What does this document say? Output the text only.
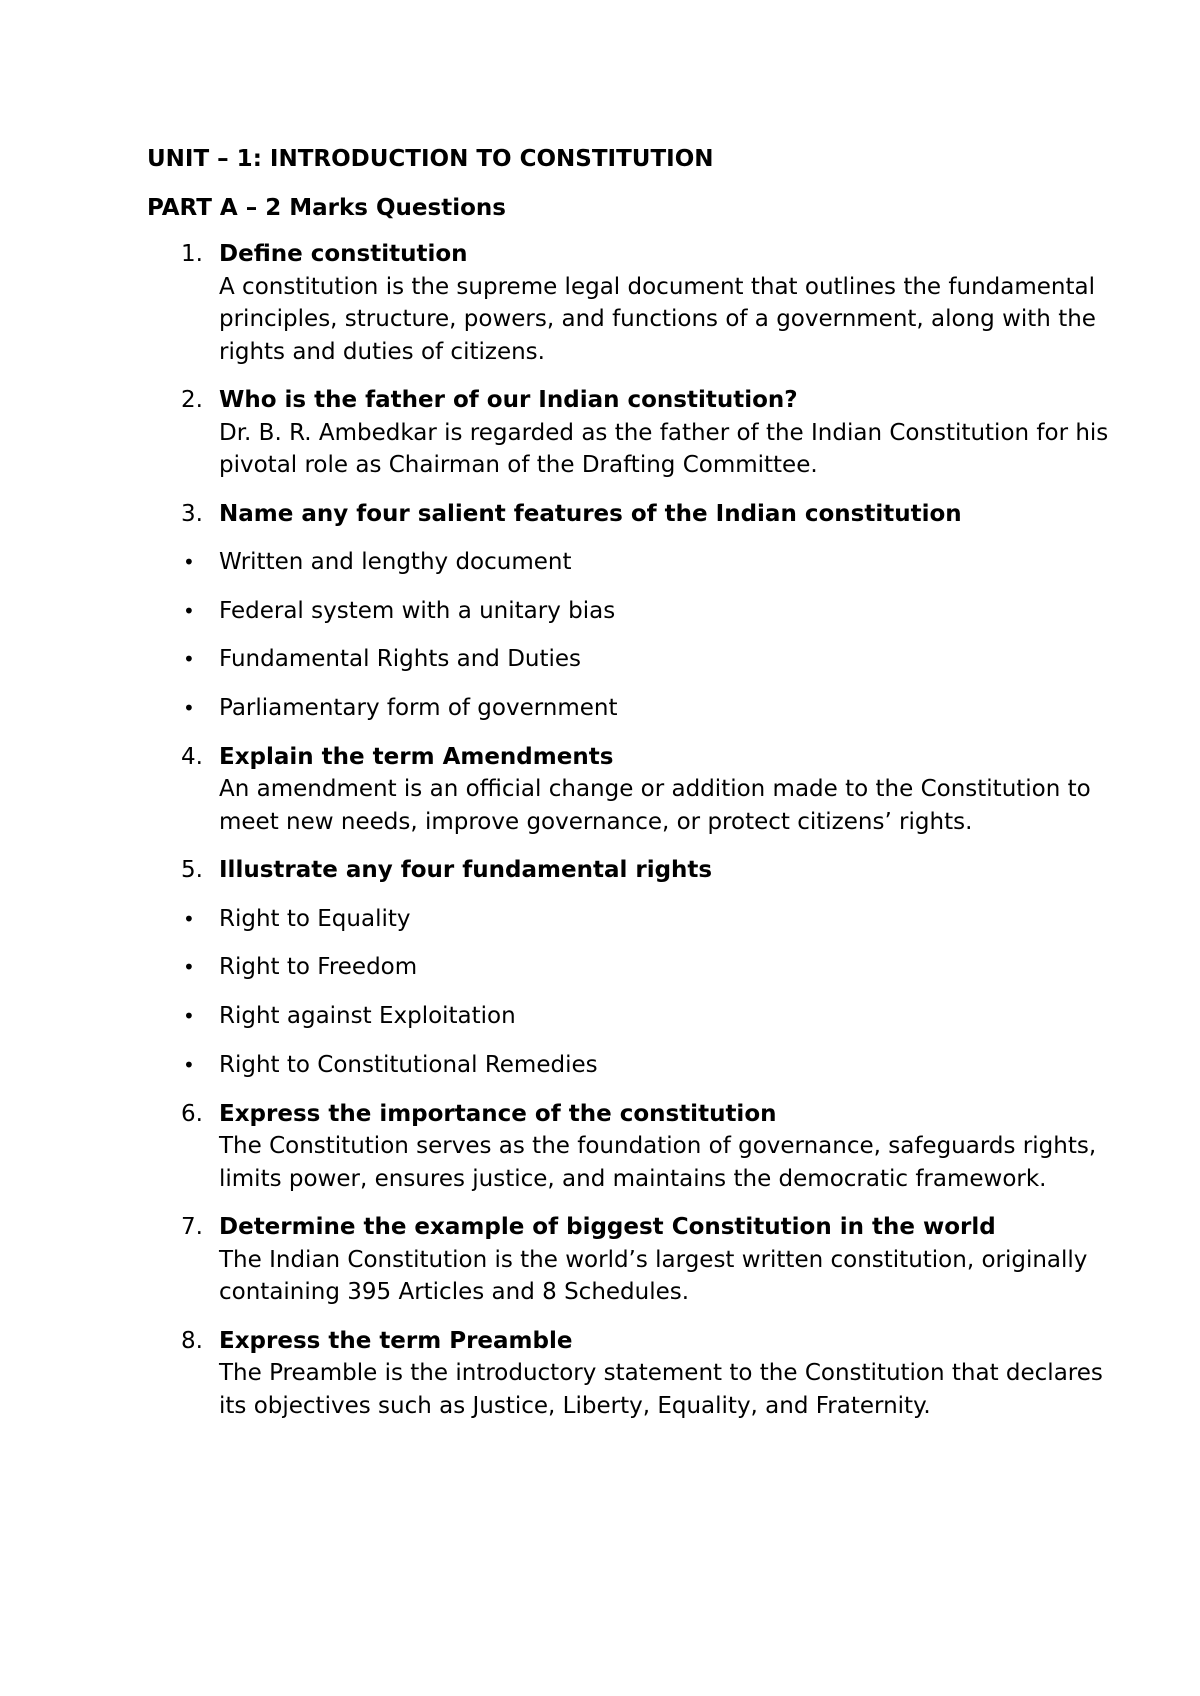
UNIT – 1: INTRODUCTION TO CONSTITUTION
PART A – 2 Marks Questions
1. Define constitution
A constitution is the supreme legal document that outlines the fundamental principles, structure, powers, and functions of a government, along with the rights and duties of citizens.
2. Who is the father of our Indian constitution?
Dr. B. R. Ambedkar is regarded as the father of the Indian Constitution for his pivotal role as Chairman of the Drafting Committee.
3. Name any four salient features of the Indian constitution
• Written and lengthy document
• Federal system with a unitary bias
• Fundamental Rights and Duties
• Parliamentary form of government
4. Explain the term Amendments
An amendment is an official change or addition made to the Constitution to meet new needs, improve governance, or protect citizens’ rights.
5. Illustrate any four fundamental rights
• Right to Equality
• Right to Freedom
• Right against Exploitation
• Right to Constitutional Remedies
6. Express the importance of the constitution
The Constitution serves as the foundation of governance, safeguards rights, limits power, ensures justice, and maintains the democratic framework.
7. Determine the example of biggest Constitution in the world
The Indian Constitution is the world’s largest written constitution, originally containing 395 Articles and 8 Schedules.
8. Express the term Preamble
The Preamble is the introductory statement to the Constitution that declares its objectives such as Justice, Liberty, Equality, and Fraternity.
